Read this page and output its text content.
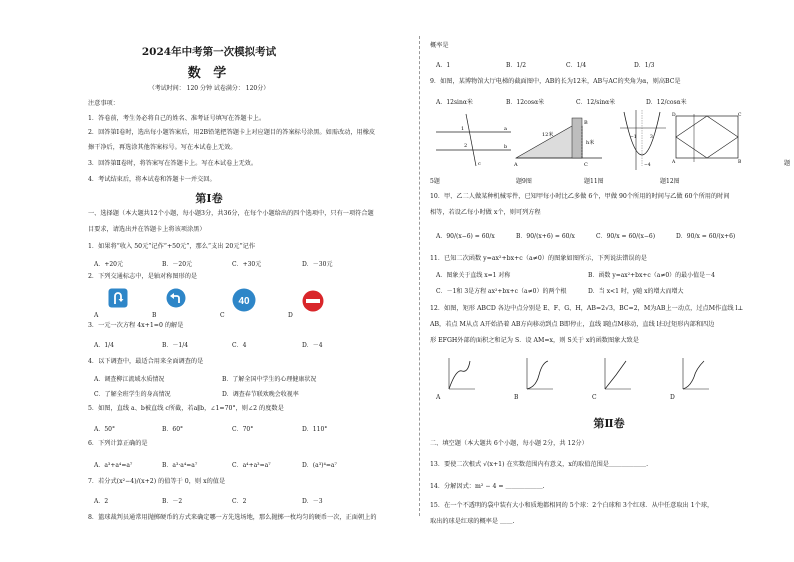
2024年中考第一次模拟考试
数 学
（考试时间： 120 分钟 试卷满分： 120分）
注意事项：
1．答卷前，考生务必将自己的姓名、准考证号填写在答题卡上。
2．回答第Ⅰ卷时，选出每小题答案后，用2B铅笔把答题卡上对应题目的答案标号涂黑。如需改动，用橡皮
擦干净后，再选涂其他答案标号。写在本试卷上无效。
3．回答第Ⅱ卷时，将答案写在答题卡上。写在本试卷上无效。
4．考试结束后，将本试卷和答题卡一并交回。
第Ⅰ卷
一、选择题（本大题共12个小题，每小题3分，共36分，在每个小题给出的四个选项中，只有一项符合题
目要求，请选出并在答题卡上将该项涂黑）
1．如果将“收入 50元”记作“+50元”，那么“支出 20元”记作
A．+20元	B．－20元	C．+30元	D．－30元
2．下列交通标志中，是轴对称图形的是
40
A	B	C	D
3．一元一次方程 4x+1=0 的解是
A．1/4	B．－1/4	C．4	D．－4
4．以下调查中，最适合用来全面调查的是
A．调查柳江流域水质情况	B．了解全国中学生的心理健康状况
C．了解全班学生的身高情况	D．调查春节联欢晚会收视率
5．如图，直线 a、b被直线 c所截，若a∥b，∠1=70°，则∠2 的度数是
A．50°	B．60°	C．70°	D．110°
6．下列计算正确的是
A．a³+a⁴=a⁷	B．a³·a⁴=a⁷	C．a⁴+a³=a⁷	D．(a³)⁴=a⁷
7．若分式(x²−4)/(x+2) 的值等于 0，则 x的值是
A．2	B．－2	C．2	D．－3
8．篮球裁判员通常用抛掷硬币的方式来确定哪一方先选场地，那么抛掷一枚均匀的硬币一次，正面朝上的
概率是
A．1	B．1/2	C．1/4	D．1/3
9．如图，某博物馆大厅电梯的截面图中，AB的长为12米，AB与AC的夹角为α，则高BC是
A．12sinα米	B．12cosα米	C．12/sinα米	D．12/cosα米
a
b
c
1
2
12米
h米
A	C
B
−1	3
−4
A	B
C
D
题
5题	题9图	题11图	题12图
10．甲、乙二人做某种机械零件，已知甲每小时比乙多做 6个，甲做 90个所用的时间与乙做 60个所用的时间
相等，若设乙每小时做 x个，则可列方程
A．90/(x−6) = 60/x	B．90/(x+6) = 60/x	C．90/x = 60/(x−6)	D．90/x = 60/(x+6)
11．已知二次函数 y=ax²+bx+c（a≠0）的图象如图所示，下列说法错误的是
A．图象关于直线 x=1 对称	B．函数 y=ax²+bx+c（a≠0）的最小值是－4
C．－1和 3是方程 ax²+bx+c（a≠0）的两个根	D．当 x<1 时，y随 x的增大而增大
12．如图，矩形 ABCD 各边中点分别是 E、F、G、H，AB=2√3，BC=2，M为AB上一动点，过点M作直线 l⊥
AB，若点 M从点 A开始沿着 AB方向移动到点 B即停止，直线 l随点M移动，直线 l扫过矩形内部和四边
形 EFGH外部的面积之和记为 S．设 AM=x，则 S关于 x的函数图象大致是
A	B	C	D
第Ⅱ卷
二、填空题（本大题共 6个小题，每小题 2分，共 12分）
13．要使二次根式 √(x+1) 在实数范围内有意义，x的取值范围是＿＿＿＿＿＿.
14．分解因式：m² − 4 = ＿＿＿＿＿＿.
15．在一个不透明的袋中装有大小和质地都相同的 5个球：2个白球和 3个红球．从中任意取出 1个球，
取出的球是红球的概率是 ＿＿.
